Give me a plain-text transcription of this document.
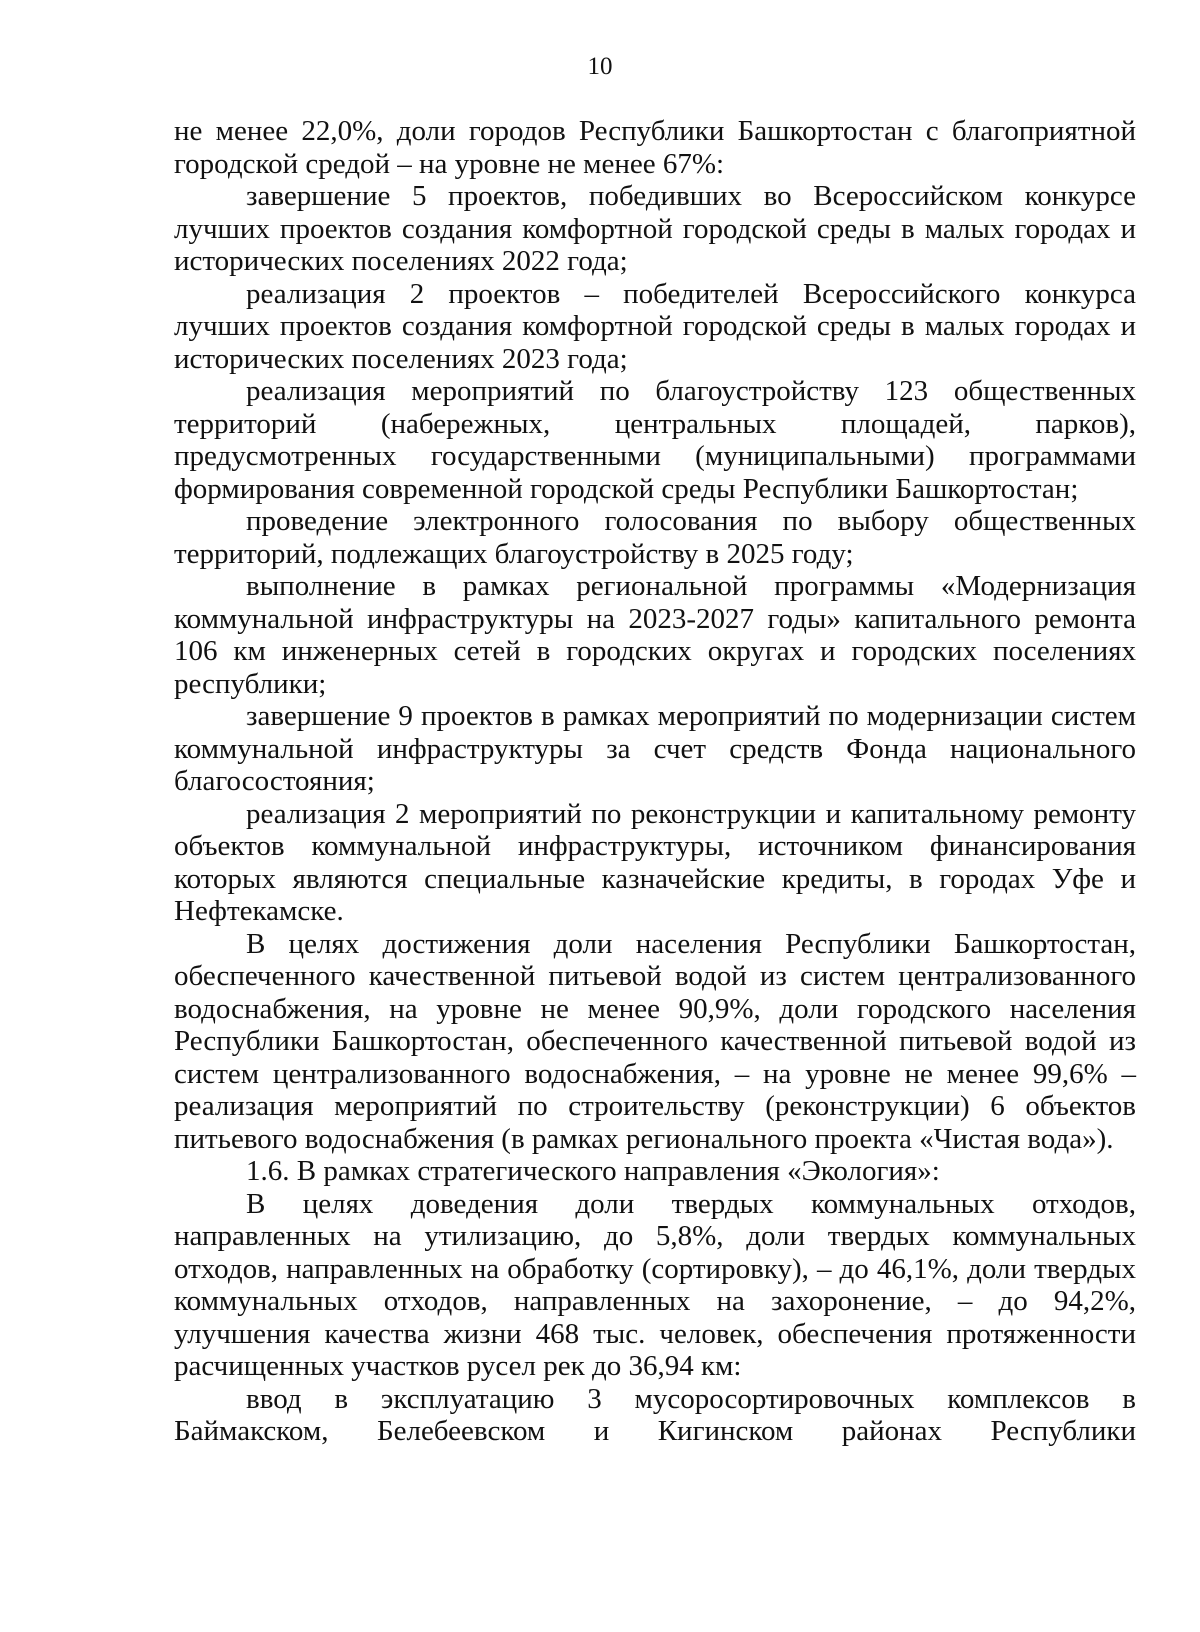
10

не менее 22,0%, доли городов Республики Башкортостан с благоприятной городской средой – на уровне не менее 67%:

завершение 5 проектов, победивших во Всероссийском конкурсе лучших проектов создания комфортной городской среды в малых городах и исторических поселениях 2022 года;

реализация 2 проектов – победителей Всероссийского конкурса лучших проектов создания комфортной городской среды в малых городах и исторических поселениях 2023 года;

реализация мероприятий по благоустройству 123 общественных территорий (набережных, центральных площадей, парков), предусмотренных государственными (муниципальными) программами формирования современной городской среды Республики Башкортостан;

проведение электронного голосования по выбору общественных территорий, подлежащих благоустройству в 2025 году;

выполнение в рамках региональной программы «Модернизация коммунальной инфраструктуры на 2023-2027 годы» капитального ремонта 106 км инженерных сетей в городских округах и городских поселениях республики;

завершение 9 проектов в рамках мероприятий по модернизации систем коммунальной инфраструктуры за счет средств Фонда национального благосостояния;

реализация 2 мероприятий по реконструкции и капитальному ремонту объектов коммунальной инфраструктуры, источником финансирования которых являются специальные казначейские кредиты, в городах Уфе и Нефтекамске.

В целях достижения доли населения Республики Башкортостан, обеспеченного качественной питьевой водой из систем централизованного водоснабжения, на уровне не менее 90,9%, доли городского населения Республики Башкортостан, обеспеченного качественной питьевой водой из систем централизованного водоснабжения, – на уровне не менее 99,6% – реализация мероприятий по строительству (реконструкции) 6 объектов питьевого водоснабжения (в рамках регионального проекта «Чистая вода»).

1.6. В рамках стратегического направления «Экология»:

В целях доведения доли твердых коммунальных отходов, направленных на утилизацию, до 5,8%, доли твердых коммунальных отходов, направленных на обработку (сортировку), – до 46,1%, доли твердых коммунальных отходов, направленных на захоронение, – до 94,2%, улучшения качества жизни 468 тыс. человек, обеспечения протяженности расчищенных участков русел рек до 36,94 км:

ввод в эксплуатацию 3 мусоросортировочных комплексов в Баймакском, Белебеевском и Кигинском районах Республики
